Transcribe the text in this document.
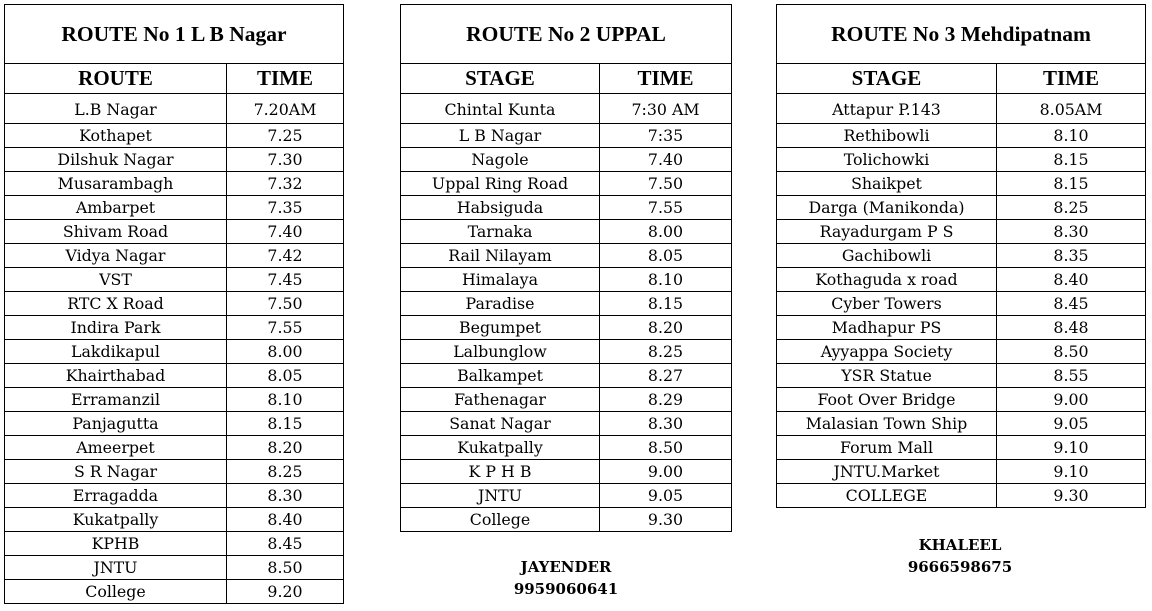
ROUTE No 1 L B Nagar	
ROUTE	TIME
L.B Nagar	7.20AM
Kothapet	7.25
Dilshuk Nagar	7.30
Musarambagh	7.32
Ambarpet	7.35
Shivam Road	7.40
Vidya Nagar	7.42
VST	7.45
RTC X Road	7.50
Indira Park	7.55
Lakdikapul	8.00
Khairthabad	8.05
Erramanzil	8.10
Panjagutta	8.15
Ameerpet	8.20
S R Nagar	8.25
Erragadda	8.30
Kukatpally	8.40
KPHB	8.45
JNTU	8.50
College	9.20
ROUTE No 2 UPPAL	
STAGE	TIME
Chintal Kunta	7:30 AM
L B Nagar	7:35
Nagole	7.40
Uppal Ring Road	7.50
Habsiguda	7.55
Tarnaka	8.00
Rail Nilayam	8.05
Himalaya	8.10
Paradise	8.15
Begumpet	8.20
Lalbunglow	8.25
Balkampet	8.27
Fathenagar	8.29
Sanat Nagar	8.30
Kukatpally	8.50
K P H B	9.00
JNTU	9.05
College	9.30
ROUTE No 3 Mehdipatnam	
STAGE	TIME
Attapur P.143	8.05AM
Rethibowli	8.10
Tolichowki	8.15
Shaikpet	8.15
Darga (Manikonda)	8.25
Rayadurgam P S	8.30
Gachibowli	8.35
Kothaguda x road	8.40
Cyber Towers	8.45
Madhapur PS	8.48
Ayyappa Society	8.50
YSR Statue	8.55
Foot Over Bridge	9.00
Malasian Town Ship	9.05
Forum Mall	9.10
JNTU.Market	9.10
COLLEGE	9.30
JAYENDER
9959060641
KHALEEL
9666598675
